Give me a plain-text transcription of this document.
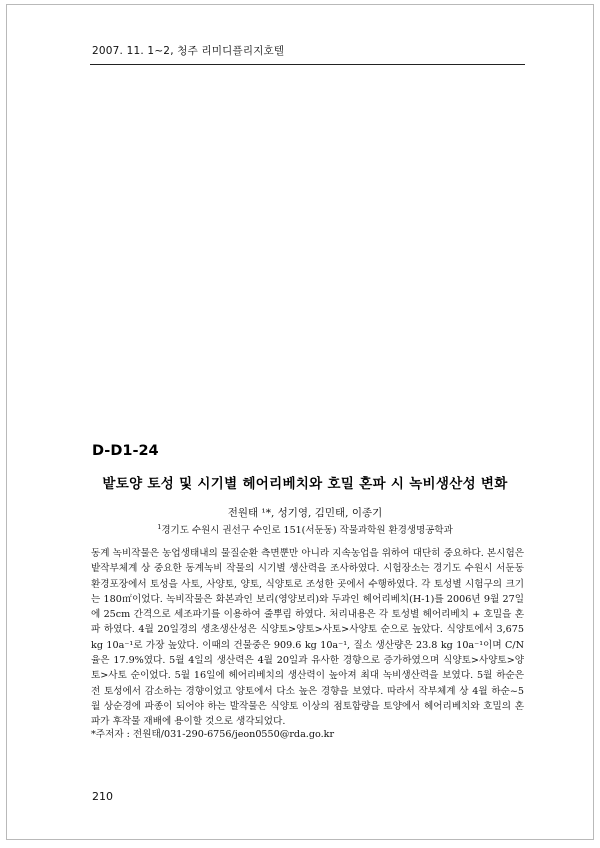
2007. 11. 1~2, 청주 리미디플리지호텔
D-D1-24
밭토양 토성 및 시기별 헤어리베치와 호밀 혼파 시 녹비생산성 변화
전원태 ¹*, 성기영, 김민태, 이종기
$^1$경기도 수원시 권선구 수인로 151(서둔동) 작물과학원 환경생명공학과

동계 녹비작물은 농업생태내의 물질순환 측면뿐만 아니라 지속농업을 위하여 대단히 중요하다. 본시험은 밭작부체계 상 중요한 동계녹비 작물의 시기별 생산력을 조사하였다. 시험장소는 경기도 수원시 서둔동 환경포장에서 토성을 사토, 사양토, 양토, 식양토로 조성한 곳에서 수행하였다. 각 토성별 시험구의 크기는 180㎡이었다. 녹비작물은 화본과인 보리(영양보리)와 두과인 헤어리베치(H-1)를 2006년 9월 27일에 25cm 간격으로 세조파기를 이용하여 줄뿌림 하였다. 처리내용은 각 토성별 헤어리베치 + 호밀을 혼파 하였다. 4월 20일경의 생초생산성은 식양토>양토>사토>사양토 순으로 높았다. 식양토에서 3,675 kg 10a⁻¹로 가장 높았다. 이때의 건물중은 909.6 kg 10a⁻¹, 질소 생산량은 23.8 kg 10a⁻¹이며 C/N율은 17.9%였다. 5월 4일의 생산력은 4월 20일과 유사한 경향으로 증가하였으며 식양토>사양토>양토>사토 순이었다. 5월 16일에 헤어리베치의 생산력이 높아져 최대 녹비생산력을 보였다. 5월 하순은 전 토성에서 감소하는 경향이었고 양토에서 다소 높은 경향을 보였다. 따라서 작부체계 상 4월 하순~5월 상순경에 파종이 되어야 하는 발작물은 식양토 이상의 점토함량을 토양에서 헤어리베치와 호밀의 혼파가 후작물 재배에 용이할 것으로 생각되었다.

*주저자 : 전원태/031-290-6756/jeon0550@rda.go.kr
210
